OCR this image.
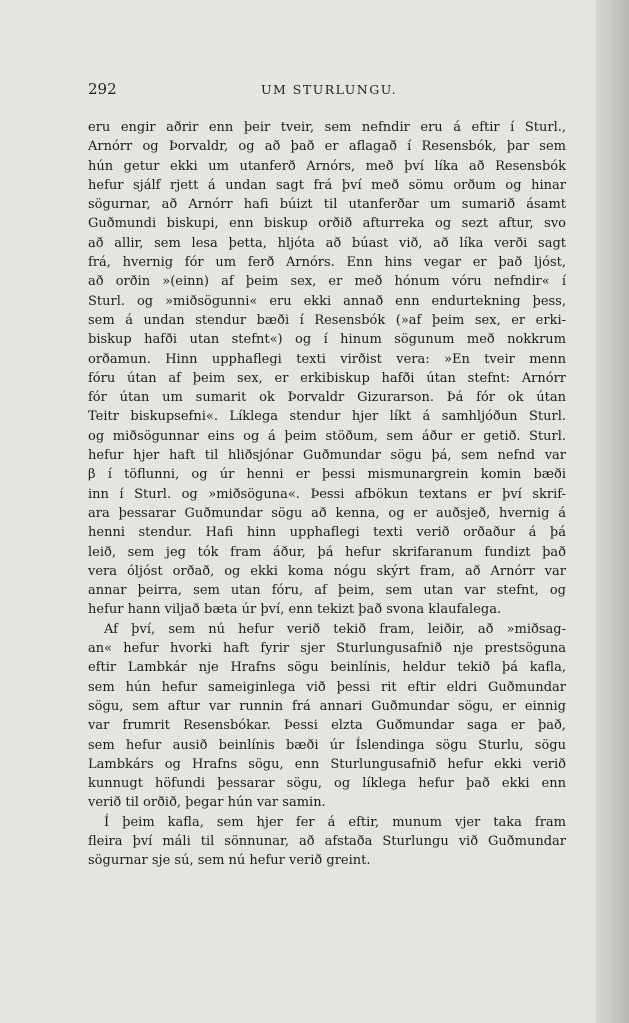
292	UM STURLUNGU.
eru engir aðrir enn þeir tveir, sem nefndir eru á eftir í Sturl.,
Arnórr og Þorvaldr, og að það er aflagað í Resensbók, þar sem
hún getur ekki um utanferð Arnórs, með því líka að Resensbók
hefur sjálf rjett á undan sagt frá því með sömu orðum og hinar
sögurnar, að Arnórr hafi búizt til utanferðar um sumarið ásamt
Guðmundi biskupi, enn biskup orðið afturreka og sezt aftur, svo
að allir, sem lesa þetta, hljóta að búast við, að líka verði sagt
frá, hvernig fór um ferð Arnórs. Enn hins vegar er það ljóst,
að orðin »(einn) af þeim sex, er með hónum vóru nefndir« í
Sturl. og »miðsögunni« eru ekki annað enn endurtekning þess,
sem á undan stendur bæði í Resensbók (»af þeim sex, er erki-
biskup hafði utan stefnt«) og í hinum sögunum með nokkrum
orðamun. Hinn upphaflegi texti virðist vera: »En tveir menn
fóru útan af þeim sex, er erkibiskup hafði útan stefnt: Arnórr
fór útan um sumarit ok Þorvaldr Gizurarson. Þá fór ok útan
Teitr biskupsefni«. Líklega stendur hjer líkt á samhljóðun Sturl.
og miðsögunnar eins og á þeim stöðum, sem áður er getið. Sturl.
hefur hjer haft til hliðsjónar Guðmundar sögu þá, sem nefnd var
β í töflunni, og úr henni er þessi mismunargrein komin bæði
inn í Sturl. og »miðsöguna«. Þessi afbökun textans er því skrif-
ara þessarar Guðmundar sögu að kenna, og er auðsjeð, hvernig á
henni stendur. Hafi hinn upphaflegi texti verið orðaður á þá
leið, sem jeg tók fram áður, þá hefur skrifaranum fundizt það
vera óljóst orðað, og ekki koma nógu skýrt fram, að Arnórr var
annar þeirra, sem utan fóru, af þeim, sem utan var stefnt, og
hefur hann viljað bæta úr því, enn tekizt það svona klaufalega.
Af því, sem nú hefur verið tekið fram, leiðir, að »miðsag-
an« hefur hvorki haft fyrir sjer Sturlungusafnið nje prestsöguna
eftir Lambkár nje Hrafns sögu beinlínis, heldur tekið þá kafla,
sem hún hefur sameiginlega við þessi rit eftir eldri Guðmundar
sögu, sem aftur var runnin frá annari Guðmundar sögu, er einnig
var frumrit Resensbókar. Þessi elzta Guðmundar saga er það,
sem hefur ausið beinlínis bæði úr Íslendinga sögu Sturlu, sögu
Lambkárs og Hrafns sögu, enn Sturlungusafnið hefur ekki verið
kunnugt höfundi þessarar sögu, og líklega hefur það ekki enn
verið til orðið, þegar hún var samin.
Í þeim kafla, sem hjer fer á eftir, munum vjer taka fram
fleira því máli til sönnunar, að afstaða Sturlungu við Guðmundar
sögurnar sje sú, sem nú hefur verið greint.
